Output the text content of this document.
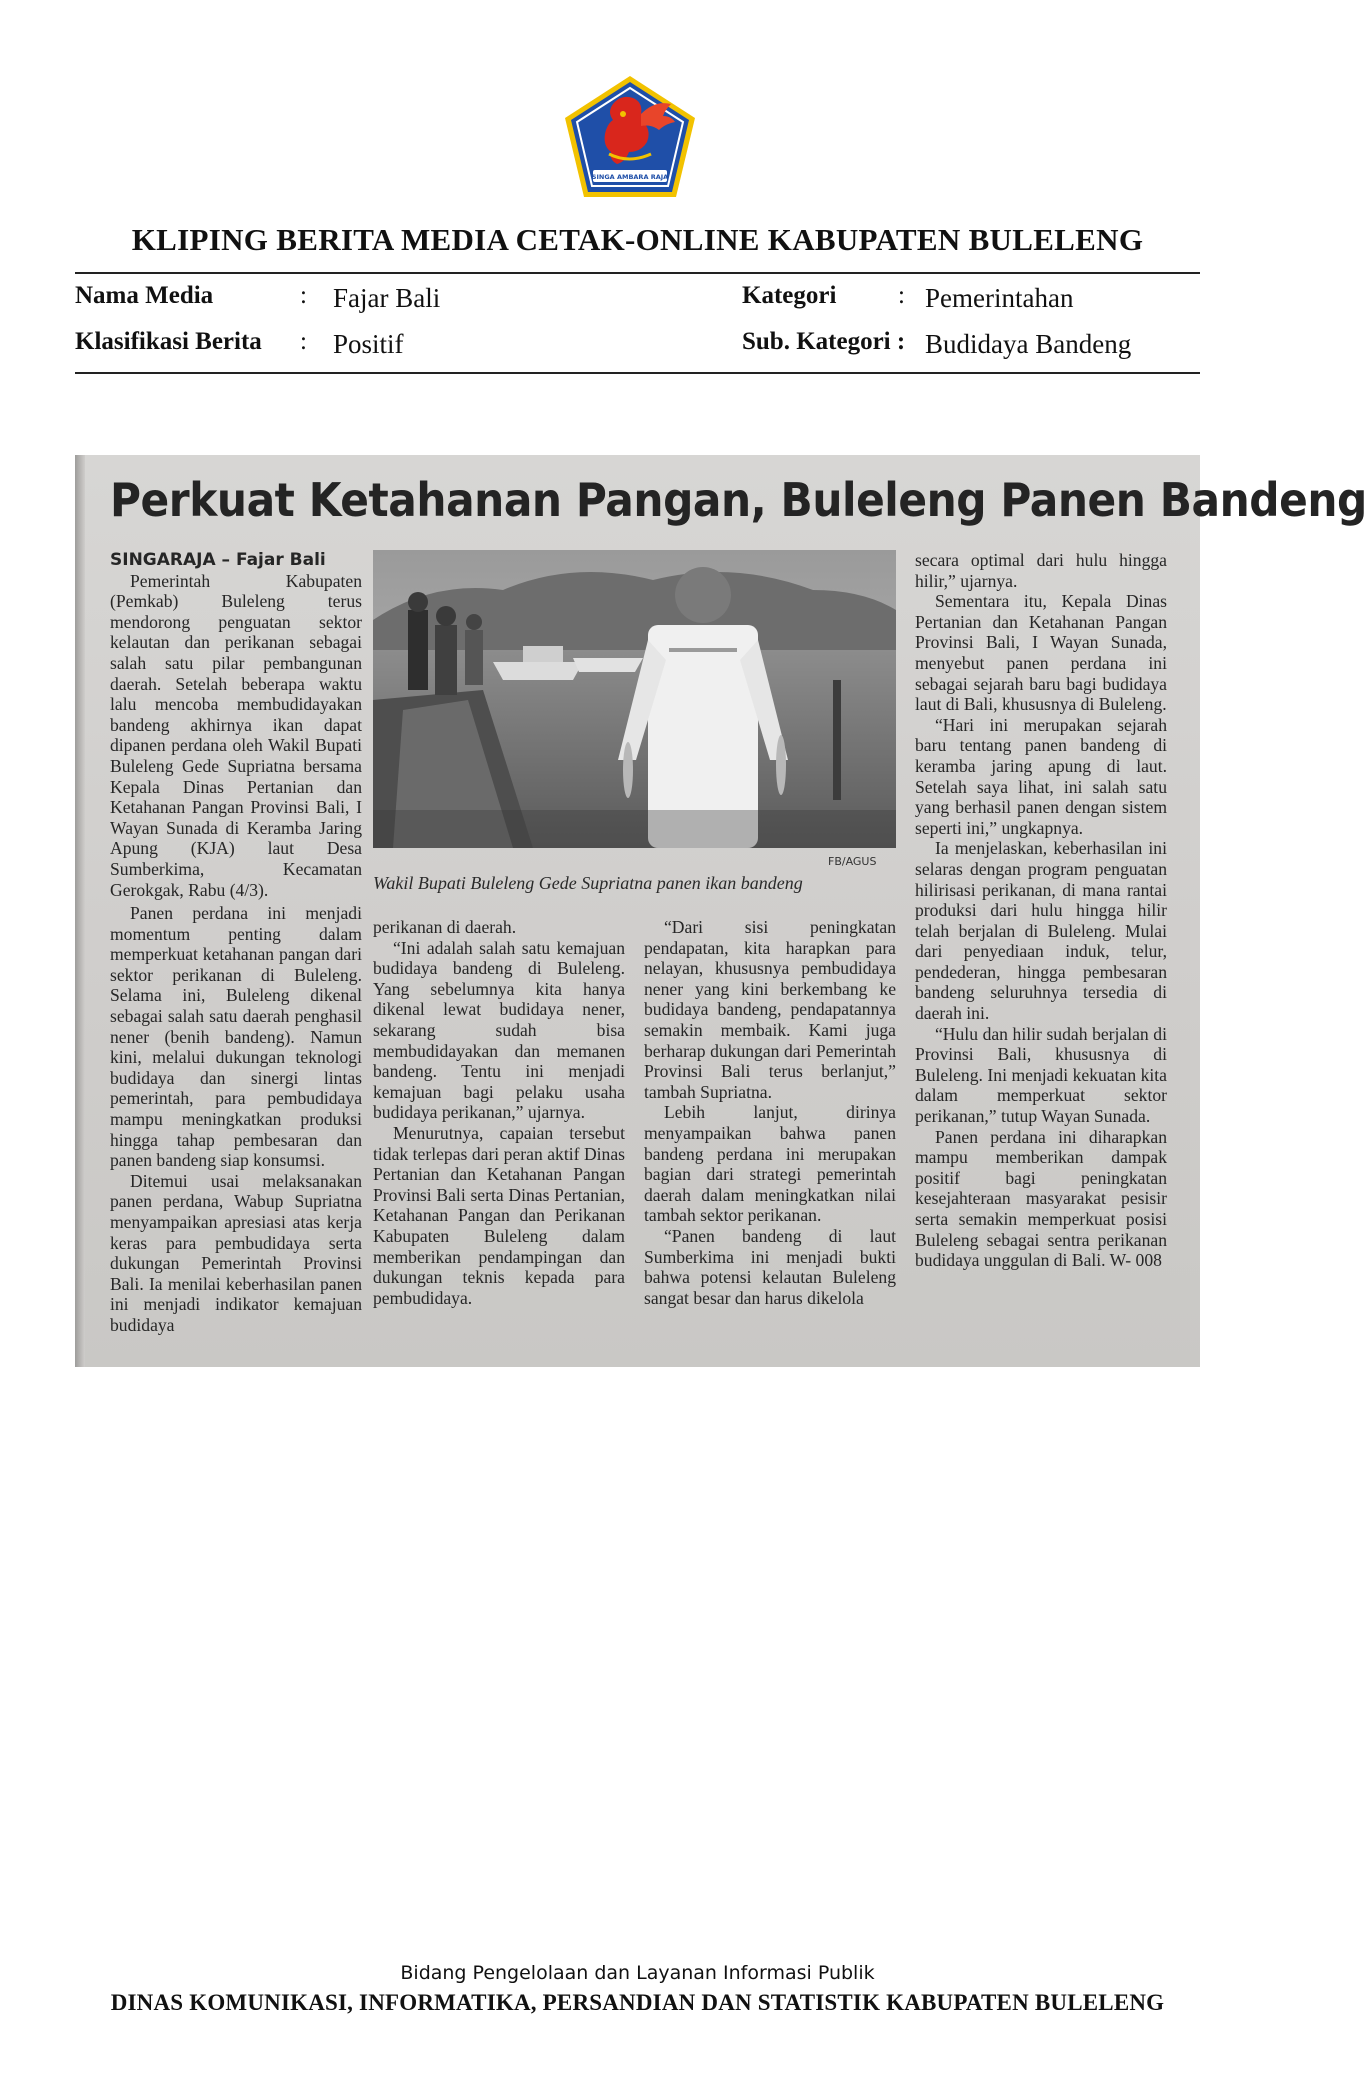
SINGA AMBARA RAJA
KLIPING BERITA MEDIA CETAK-ONLINE KABUPATEN BULELENG
Nama Media	: Fajar Bali
Klasifikasi Berita : Positif
Kategori : Pemerintahan
Sub. Kategori : Budidaya Bandeng
Perkuat Ketahanan Pangan, Buleleng Panen Bandeng
SINGARAJA – Fajar Bali

Pemerintah Kabupaten (Pemkab) Buleleng terus mendorong penguatan sektor kelautan dan perikanan sebagai salah satu pilar pembangunan daerah. Setelah beberapa waktu lalu mencoba membudidayakan bandeng akhirnya ikan dapat dipanen perdana oleh Wakil Bupati Buleleng Gede Supriatna bersama Kepala Dinas Pertanian dan Ketahanan Pangan Provinsi Bali, I Wayan Sunada di Keramba Jaring Apung (KJA) laut Desa Sumberkima, Kecamatan Gerokgak, Rabu (4/3).

FB/AGUS
Wakil Bupati Buleleng Gede Supriatna panen ikan bandeng

Panen perdana ini menjadi momentum penting dalam memperkuat ketahanan pangan dari sektor perikanan di Buleleng. Selama ini, Buleleng dikenal sebagai salah satu daerah penghasil nener (benih bandeng). Namun kini, melalui dukungan teknologi budidaya dan sinergi lintas pemerintah, para pembudidaya mampu meningkatkan produksi hingga tahap pembesaran dan panen bandeng siap konsumsi.

Ditemui usai melaksanakan panen perdana, Wabup Supriatna menyampaikan apresiasi atas kerja keras para pembudidaya serta dukungan Pemerintah Provinsi Bali. Ia menilai keberhasilan panen ini menjadi indikator kemajuan budidaya

perikanan di daerah.

“Ini adalah salah satu kemajuan budidaya bandeng di Buleleng. Yang sebelumnya kita hanya dikenal lewat budidaya nener, sekarang sudah bisa membudidayakan dan memanen bandeng. Tentu ini menjadi kemajuan bagi pelaku usaha budidaya perikanan,” ujarnya.

Menurutnya, capaian tersebut tidak terlepas dari peran aktif Dinas Pertanian dan Ketahanan Pangan Provinsi Bali serta Dinas Pertanian, Ketahanan Pangan dan Perikanan Kabupaten Buleleng dalam memberikan pendampingan dan dukungan teknis kepada para pembudidaya.

“Dari sisi peningkatan pendapatan, kita harapkan para nelayan, khususnya pembudidaya nener yang kini berkembang ke budidaya bandeng, pendapatannya semakin membaik. Kami juga berharap dukungan dari Pemerintah Provinsi Bali terus berlanjut,” tambah Supriatna.

Lebih lanjut, dirinya menyampaikan bahwa panen bandeng perdana ini merupakan bagian dari strategi pemerintah daerah dalam meningkatkan nilai tambah sektor perikanan.

“Panen bandeng di laut Sumberkima ini menjadi bukti bahwa potensi kelautan Buleleng sangat besar dan harus dikelola

secara optimal dari hulu hingga hilir,” ujarnya.

Sementara itu, Kepala Dinas Pertanian dan Ketahanan Pangan Provinsi Bali, I Wayan Sunada, menyebut panen perdana ini sebagai sejarah baru bagi budidaya laut di Bali, khususnya di Buleleng.

“Hari ini merupakan sejarah baru tentang panen bandeng di keramba jaring apung di laut. Setelah saya lihat, ini salah satu yang berhasil panen dengan sistem seperti ini,” ungkapnya.

Ia menjelaskan, keberhasilan ini selaras dengan program penguatan hilirisasi perikanan, di mana rantai produksi dari hulu hingga hilir telah berjalan di Buleleng. Mulai dari penyediaan induk, telur, pendederan, hingga pembesaran bandeng seluruhnya tersedia di daerah ini.

“Hulu dan hilir sudah berjalan di Provinsi Bali, khususnya di Buleleng. Ini menjadi kekuatan kita dalam memperkuat sektor perikanan,” tutup Wayan Sunada.

Panen perdana ini diharapkan mampu memberikan dampak positif bagi peningkatan kesejahteraan masyarakat pesisir serta semakin memperkuat posisi Buleleng sebagai sentra perikanan budidaya unggulan di Bali. W- 008

Bidang Pengelolaan dan Layanan Informasi Publik
DINAS KOMUNIKASI, INFORMATIKA, PERSANDIAN DAN STATISTIK KABUPATEN BULELENG
